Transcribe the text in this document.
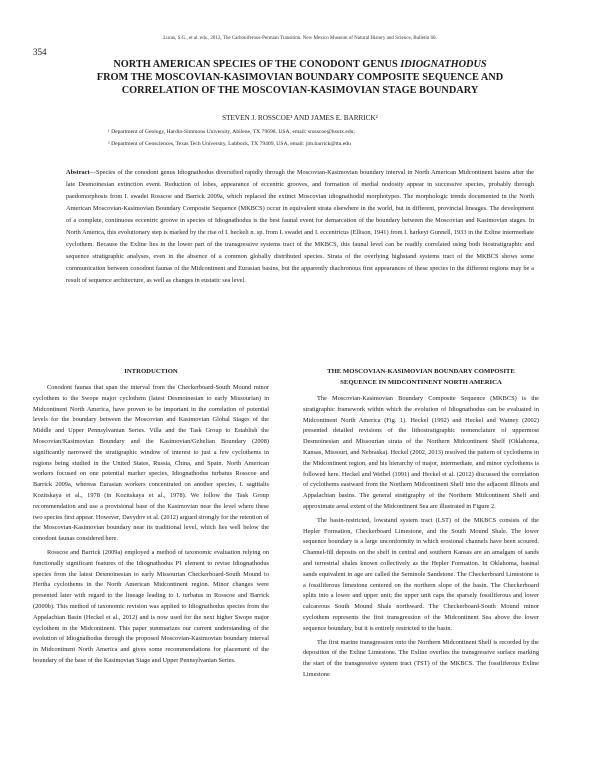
Lucas, S.G., et al. eds., 2013, The Carboniferous-Permian Transition. New Mexico Museum of Natural History and Science, Bulletin 60.
354
NORTH AMERICAN SPECIES OF THE CONODONT GENUS IDIOGNATHODUS
FROM THE MOSCOVIAN-KASIMOVIAN BOUNDARY COMPOSITE SEQUENCE AND
CORRELATION OF THE MOSCOVIAN-KASIMOVIAN STAGE BOUNDARY
STEVEN J. ROSSCOE¹ AND JAMES E. BARRICK²
¹ Department of Geology, Hardin-Simmons University, Abilene, TX 79698, USA, email: srosscoe@hsutx.edu;
² Department of Geosciences, Texas Tech University, Lubbock, TX 79409, USA, email: jim.barrick@ttu.edu

Abstract—Species of the conodont genus Idiognathodus diversified rapidly through the Moscovian-Kasimovian boundary interval in North American Midcontinent basins after the late Desmoinesian extinction event. Reduction of lobes, appearance of eccentric grooves, and formation of medial nodosity appear in successive species, probably through paedomorphosis from I. swadei Rosscoe and Barrick 2009a, which replaced the extinct Moscovian idiognathodid morphotypes. The morphologic trends documented in the North American Moscovian-Kasimovian Boundary Composite Sequence (MKBCS) occur in equivalent strata elsewhere in the world, but in different, provincial lineages. The development of a complete, continuous eccentric groove in species of Idiognathodus is the best faunal event for demarcation of the boundary between the Moscovian and Kasimovian stages. In North America, this evolutionary step is marked by the rise of I. heckeli n. sp. from I. swadei and I. eccentricus (Ellison, 1941) from I. harkeyi Gunnell, 1933 in the Exline intermediate cyclothem. Because the Exline lies in the lower part of the transgressive systems tract of the MKBCS, this faunal level can be readily correlated using both biostratigraphic and sequence stratigraphic analyses, even in the absence of a common globally distributed species. Strata of the overlying highstand systems tract of the MKBCS shows some communication between conodont faunas of the Midcontinent and Eurasian basins, but the apparently diachronous first appearances of these species in the different regions may be a result of sequence architecture, as well as changes in eustatic sea level.

INTRODUCTION

Conodont faunas that span the interval from the Checkerboard-South Mound minor cyclothem to the Swope major cyclothem (latest Desmoinesian to early Missourian) in Midcontinent North America, have proven to be important in the correlation of potential levels for the boundary between the Moscovian and Kasimovian Global Stages of the Middle and Upper Pennsylvanian Series. Villa and the Task Group to Establish the Moscovian/Kasimovian Boundary and the Kasimovian/Gzhelian Boundary (2008) significantly narrowed the stratigraphic window of interest to just a few cyclothems in regions being studied in the United States, Russia, China, and Spain. North American workers focused on one potential marker species, Idiognathodus turbatus Rosscoe and Barrick 2009a, whereas Eurasian workers concentrated on another species, I. sagittalis Kozitskaya et al., 1978 (in Kozitskaya et al., 1978). We follow the Task Group recommendation and use a provisional base of the Kasimovian near the level where these two species first appear. However, Davydov et al. (2012) argued strongly for the retention of the Moscovian-Kasimovian boundary near its traditional level, which lies well below the conodont faunas considered here.

Rosscoe and Barrick (2009a) employed a method of taxonomic evaluation relying on functionally significant features of the Idiognathodus P1 element to revise Idiognathodus species from the latest Desmoinesian to early Missourian Checkerboard-South Mound to Hertha cyclothems in the North American Midcontinent region. Minor changes were presented later with regard to the lineage leading to I. turbatus in Rosscoe and Barrick (2009b). This method of taxonomic revision was applied to Idiognathodus species from the Appalachian Basin (Heckel et al., 2012) and is now used for the next higher Swope major cyclothem in the Midcontinent. This paper summarizes our current understanding of the evolution of Idiognathodus through the proposed Moscovian-Kasimovian boundary interval in Midcontinent North America and gives some recommendations for placement of the boundary of the base of the Kasimovian Stage and Upper Pennsylvanian Series.

THE MOSCOVIAN-KASIMOVIAN BOUNDARY COMPOSITE
SEQUENCE IN MIDCONTINENT NORTH AMERICA

The Moscovian-Kasimovian Boundary Composite Sequence (MKBCS) is the stratigraphic framework within which the evolution of Idiognathodus can be evaluated in Midcontinent North America (Fig. 1). Heckel (1992) and Heckel and Watney (2002) presented detailed revisions of the lithostratigraphic nomenclature of uppermost Desmoinesian and Missourian strata of the Northern Midcontinent Shelf (Oklahoma, Kansas, Missouri, and Nebraska). Heckel (2002, 2013) resolved the pattern of cyclothems in the Midcontinent region, and his hierarchy of major, intermediate, and minor cyclothems is followed here. Heckel and Weibel (1991) and Heckel et al. (2012) discussed the correlation of cyclothems eastward from the Northern Midcontinent Shelf into the adjacent Illinois and Appalachian basins. The general stratigraphy of the Northern Midcontinent Shelf and approximate areal extent of the Midcontinent Sea are illustrated in Figure 2.

The basin-restricted, lowstand system tract (LST) of the MKBCS consists of the Hepler Formation, Checkerboard Limestone, and the South Mound Shale. The lower sequence boundary is a large unconformity in which erosional channels have been scoured. Channel-fill deposits on the shelf in central and southern Kansas are an amalgam of sands and terrestrial shales known collectively as the Hepler Formation. In Oklahoma, basinal sands equivalent in age are called the Seminole Sandstone. The Checkerboard Limestone is a fossiliferous limestone centered on the northern slope of the basin. The Checkerboard splits into a lower and upper unit; the upper unit caps the sparsely fossiliferous and lower calcareous South Mound Shale northward. The Checkerboard-South Mound minor cyclothem represents the first transgression of the Midcontinent Sea above the lower sequence boundary, but it is entirely restricted to the basin.

The first marine transgression onto the Northern Midcontinent Shelf is recorded by the deposition of the Exline Limestone. The Exline overlies the transgressive surface marking the start of the transgressive system tract (TST) of the MKBCS. The fossiliferous Exline Limestone
